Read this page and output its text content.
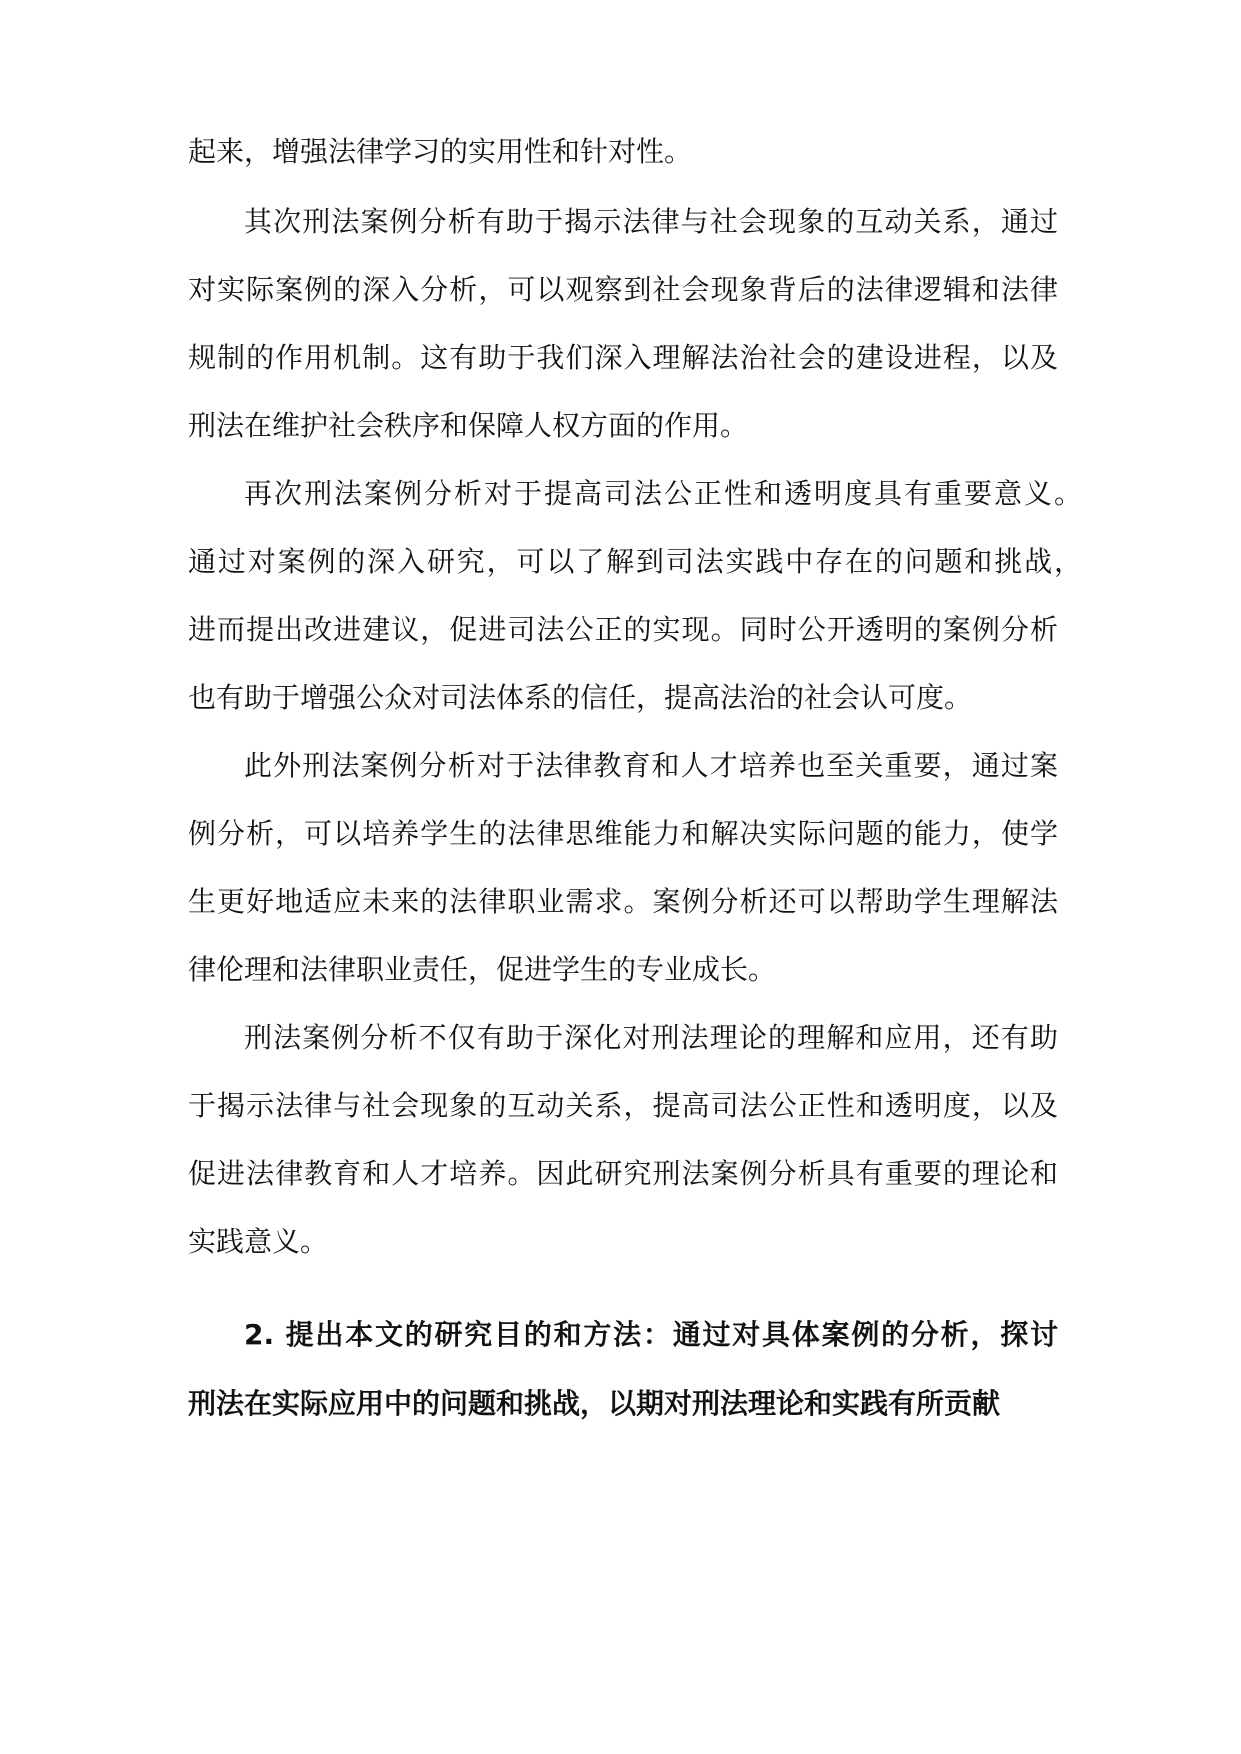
起来，增强法律学习的实用性和针对性。
其次刑法案例分析有助于揭示法律与社会现象的互动关系，通过
对实际案例的深入分析，可以观察到社会现象背后的法律逻辑和法律
规制的作用机制。这有助于我们深入理解法治社会的建设进程，以及
刑法在维护社会秩序和保障人权方面的作用。
再次刑法案例分析对于提高司法公正性和透明度具有重要意义。
通过对案例的深入研究，可以了解到司法实践中存在的问题和挑战，
进而提出改进建议，促进司法公正的实现。同时公开透明的案例分析
也有助于增强公众对司法体系的信任，提高法治的社会认可度。
此外刑法案例分析对于法律教育和人才培养也至关重要，通过案
例分析，可以培养学生的法律思维能力和解决实际问题的能力，使学
生更好地适应未来的法律职业需求。案例分析还可以帮助学生理解法
律伦理和法律职业责任，促进学生的专业成长。
刑法案例分析不仅有助于深化对刑法理论的理解和应用，还有助
于揭示法律与社会现象的互动关系，提高司法公正性和透明度，以及
促进法律教育和人才培养。因此研究刑法案例分析具有重要的理论和
实践意义。
2. 提出本文的研究目的和方法：通过对具体案例的分析，探讨
刑法在实际应用中的问题和挑战，以期对刑法理论和实践有所贡献
